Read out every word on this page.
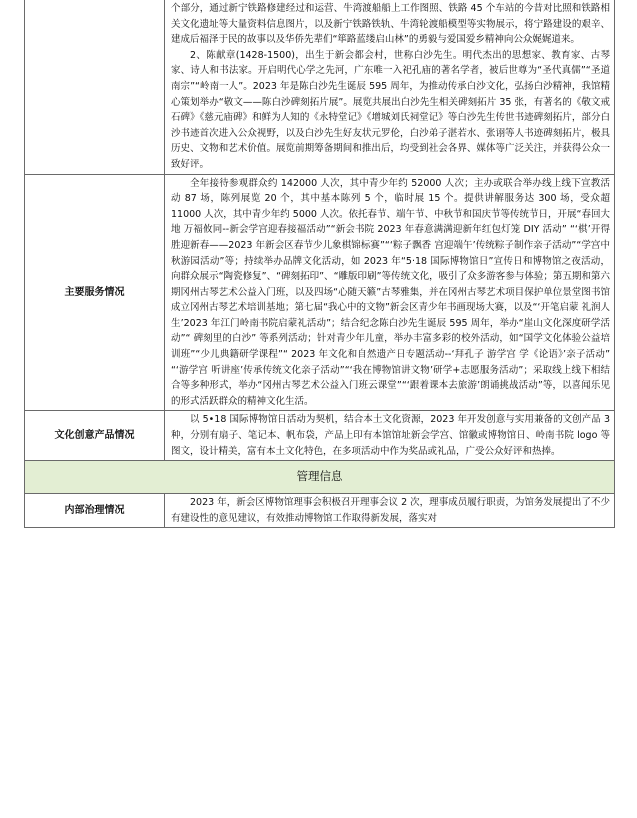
	个部分，通过新宁铁路修建经过和运营、牛湾渡船船上工作图照、铁路 45 个车站的今昔对比照和铁路相关文化遗址等大量资料信息图片，以及新宁铁路铁轨、牛湾轮渡船模型等实物展示，将宁路建设的艰辛、建成后福泽于民的故事以及华侨先辈们“筚路蓝缕启山林”的勇毅与爱国爱乡精神向公众娓娓道来。

2、陈献章(1428-1500)，出生于新会都会村，世称白沙先生。明代杰出的思想家、教育家、古琴家、诗人和书法家。开启明代心学之先河，广东唯一入祀孔庙的著名学者，被后世尊为“圣代真儒”“圣道南宗”“岭南一人”。2023 年是陈白沙先生诞辰 595 周年，为推动传承白沙文化，弘扬白沙精神，我馆精心策划举办“敬文——陈白沙碑刻拓片展”。展览共展出白沙先生相关碑刻拓片 35 张，有著名的《敬文戒石碑》《慈元庙碑》和鲜为人知的《永特堂记》《增城刘氏祠堂记》等白沙先生传世书迹碑刻拓片，部分白沙书迹首次进入公众视野，以及白沙先生好友状元罗伦，白沙弟子湛若水、张诩等人书迹碑刻拓片，极具历史、文物和艺术价值。展览前期筹备期间和推出后，均受到社会各界、媒体等广泛关注，并获得公众一致好评。

主要服务情况	全年接待参观群众约 142000 人次，其中青少年约 52000 人次；主办或联合举办线上线下宣教活动 87 场，陈列展览 20 个，其中基本陈列 5 个，临时展 15 个。提供讲解服务达 300 场，受众超 11000 人次，其中青少年约 5000 人次。依托春节、端午节、中秋节和国庆节等传统节日，开展“春回大地 万福攸同--新会学宫迎春接福活动”“新会书院 2023 年春意满满迎新年红包灯笼 DIY 活动” “‘棋’开得胜迎新春——2023 年新会区春节少儿象棋锦标赛”“‘粽子飘香 宫迎端午’传统粽子制作亲子活动”“学宫中秋游园活动”等；持续举办品牌文化活动，如 2023 年“5·18 国际博物馆日”宣传日和博物馆之夜活动，向群众展示“陶瓷修复”、“碑刻拓印”、“雕版印刷”等传统文化，吸引了众多游客参与体验；第五期和第六期冈州古琴艺术公益入门班，以及四场“心随天籁”古琴雅集，并在冈州古琴艺术项目保护单位景堂图书馆成立冈州古琴艺术培训基地；第七届“我心中的文物”新会区青少年书画现场大赛，以及“‘开笔启蒙 礼润人生’2023 年江门岭南书院启蒙礼活动”；结合纪念陈白沙先生诞辰 595 周年，举办“崖山文化深度研学活动”“ 碑刻里的白沙” 等系列活动；针对青少年儿童，举办丰富多彩的校外活动，如“国学文化体验公益培训班”“少儿典籍研学课程”“ 2023 年文化和自然遗产日专题活动--‘拜孔子 游学宫 学《论语》’亲子活动” “‘游学宫 听讲座’传承传统文化亲子活动”“‘我在博物馆讲文物’研学+志愿服务活动”；采取线上线下相结合等多种形式，举办“冈州古琴艺术公益入门班云课堂”“‘跟着课本去旅游’朗诵挑战活动”等，以喜闻乐见的形式活跃群众的精神文化生活。

文化创意产品情况	以 5•18 国际博物馆日活动为契机，结合本土文化资源，2023 年开发创意与实用兼备的文创产品 3 种，分别有扇子、笔记本、帆布袋，产品上印有本馆馆址新会学宫、馆徽或博物馆日、岭南书院 logo 等图文，设计精美，富有本土文化特色，在多项活动中作为奖品或礼品，广受公众好评和热捧。

管理信息	
内部治理情况	2023 年，新会区博物馆理事会积极召开理事会议 2 次，理事成员履行职责，为馆务发展提出了不少有建设性的意见建议，有效推动博物馆工作取得新发展，落实对
